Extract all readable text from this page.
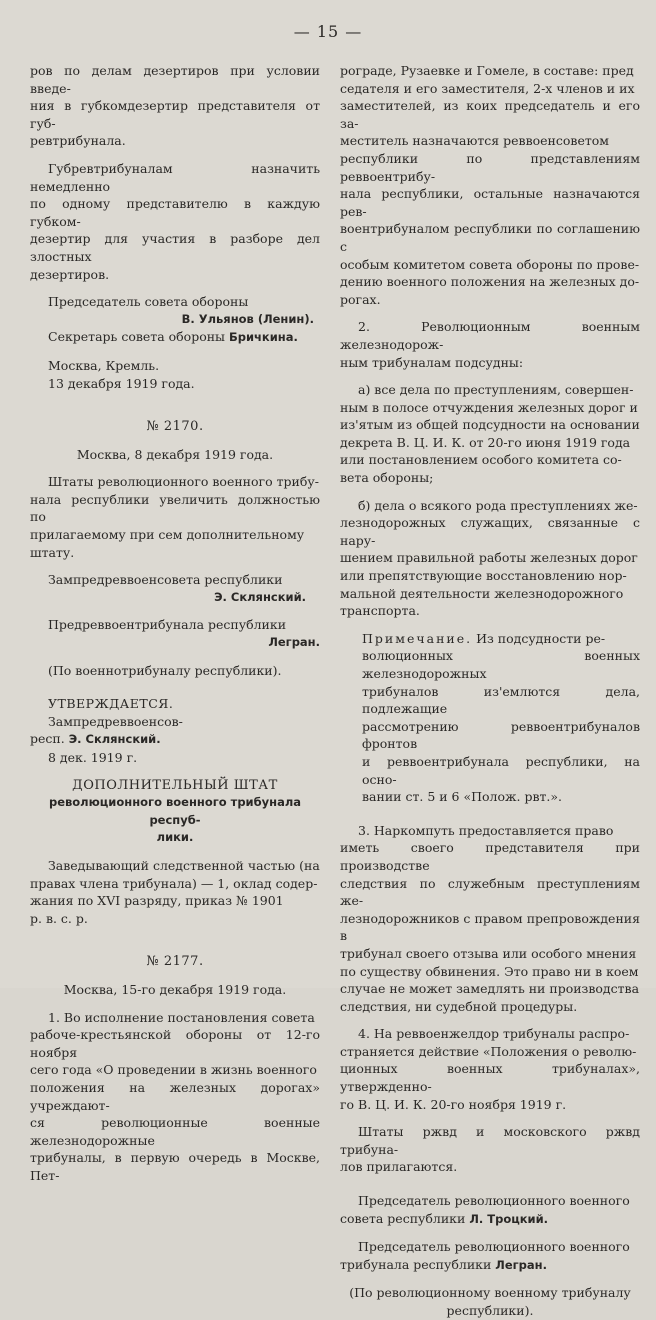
— 15 —

ров по делам дезертиров при условии введе-
ния в губкомдезертир представителя от губ-
ревтрибунала.

Губревтрибуналам назначить немедленно
по одному представителю в каждую губком-
дезертир для участия в разборе дел злостных
дезертиров.

Председатель совета обороны

В. Ульянов (Ленин).

Секретарь совета обороны Бричкина.

Москва, Кремль.
13 декабря 1919 года.

№ 2170.

Москва, 8 декабря 1919 года.

Штаты революционного военного трибу-
нала республики увеличить должностью по
прилагаемому при сем дополнительному
штату.

Зампредреввоенсовета республики

Э. Склянский.

Предреввоентрибунала республики

Легран.

(По военнотрибуналу республики).

УТВЕРЖДАЕТСЯ.

Зампредреввоенсов-

респ. Э. Склянский.

8 дек. 1919 г.

ДОПОЛНИТЕЛЬНЫЙ ШТАТ

революционного военного трибунала респуб-
лики.

Заведывающий следственной частью (на
правах члена трибунала) — 1, оклад содер-
жания по XVI разряду, приказ № 1901
р. в. с. р.

№ 2177.

Москва, 15-го декабря 1919 года.

1. Во исполнение постановления совета
рабоче-крестьянской обороны от 12-го ноября
сего года «О проведении в жизнь военного
положения на железных дорогах» учреждают-
ся революционные военные железнодорожные
трибуналы, в первую очередь в Москве, Пет-

рограде, Рузаевке и Гомеле, в составе: пред
седателя и его заместителя, 2-х членов и их
заместителей, из коих председатель и его за-
меститель назначаются реввоенсоветом
республики по представлениям реввоентрибу-
нала республики, остальные назначаются рев-
воентрибуналом республики по соглашению с
особым комитетом совета обороны по прове-
дению военного положения на железных до-
рогах.

2. Революционным военным железнодорож-
ным трибуналам подсудны:

а) все дела по преступлениям, совершен-
ным в полосе отчуждения железных дорог и
из'ятым из общей подсудности на основании
декрета В. Ц. И. К. от 20-го июня 1919 года
или постановлением особого комитета со-
вета обороны;

б) дела о всякого рода преступлениях же-
лезнодорожных служащих, связанные с нару-
шением правильной работы железных дорог
или препятствующие восстановлению нор-
мальной деятельности железнодорожного
транспорта.

Примечание. Из подсудности ре-
волюционных военных железнодорожных
трибуналов из'емлются дела, подлежащие
рассмотрению реввоентрибуналов фронтов
и реввоентрибунала республики, на осно-
вании ст. 5 и 6 «Полож. рвт.».

3. Наркомпуть предоставляется право
иметь своего представителя при производстве
следствия по служебным преступлениям же-
лезнодорожников с правом препровождения в
трибунал своего отзыва или особого мнения
по существу обвинения. Это право ни в коем
случае не может замедлять ни производства
следствия, ни судебной процедуры.

4. На реввоенжелдор трибуналы распро-
страняется действие «Положения о револю-
ционных военных трибуналах», утвержденно-
го В. Ц. И. К. 20-го ноября 1919 г.

Штаты ржвд и московского ржвд трибуна-
лов прилагаются.

Председатель революционного военного
совета республики Л. Троцкий.

Председатель революционного военного
трибунала республики Легран.

(По революционному военному трибуналу
республики).
